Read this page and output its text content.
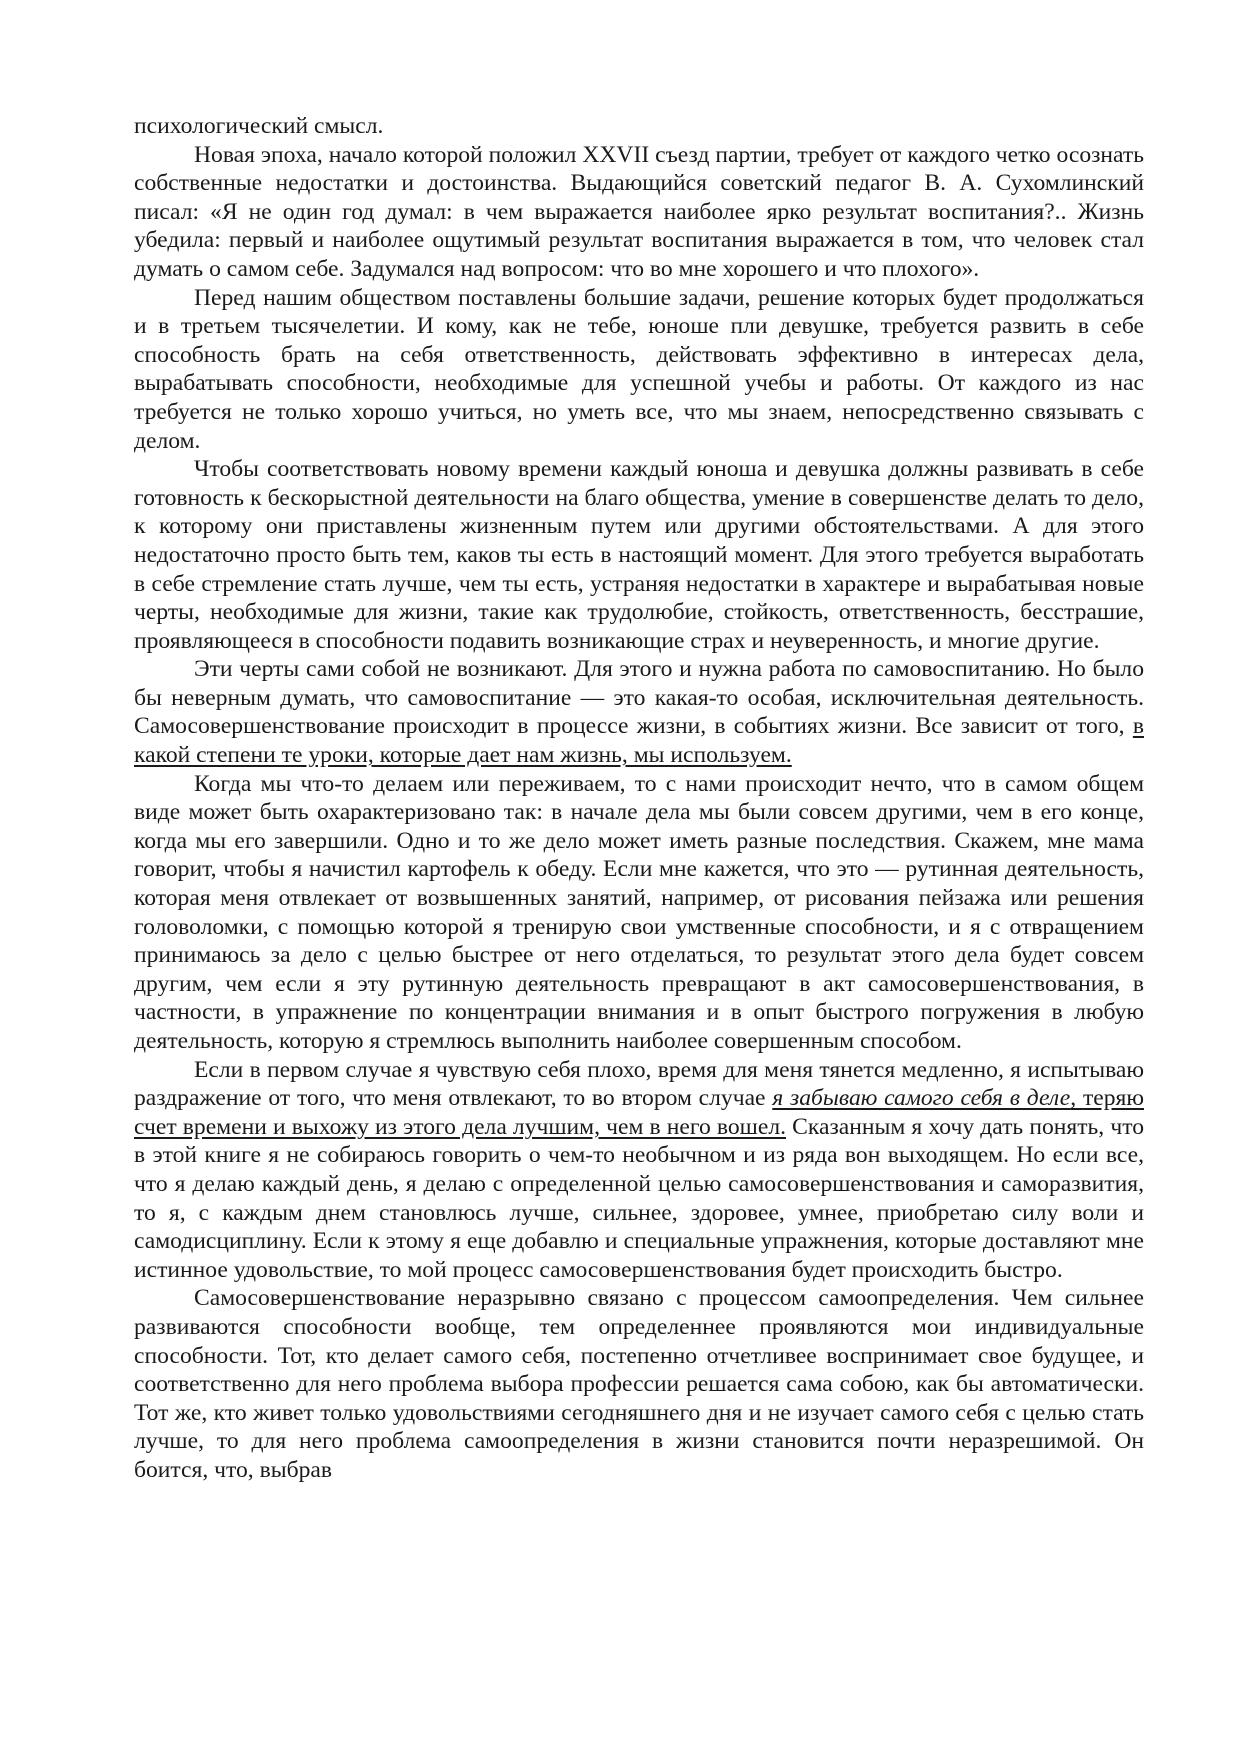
психологический смысл.

Новая эпоха, начало которой положил XXVII съезд партии, требует от каждого четко осознать собственные недостатки и достоинства. Выдающийся советский педагог В. А. Сухомлинский писал: «Я не один год думал: в чем выражается наиболее ярко результат воспитания?.. Жизнь убедила: первый и наиболее ощутимый результат воспитания выражается в том, что человек стал думать о самом себе. Задумался над вопросом: что во мне хорошего и что плохого».

Перед нашим обществом поставлены большие задачи, решение которых будет продолжаться и в третьем тысячелетии. И кому, как не тебе, юноше пли девушке, требуется развить в себе способность брать на себя ответственность, действовать эффективно в интересах дела, вырабатывать способности, необходимые для успешной учебы и работы. От каждого из нас требуется не только хорошо учиться, но уметь все, что мы знаем, непосредственно связывать с делом.

Чтобы соответствовать новому времени каждый юноша и девушка должны развивать в себе готовность к бескорыстной деятельности на благо общества, умение в совершенстве делать то дело, к которому они приставлены жизненным путем или другими обстоятельствами. А для этого недостаточно просто быть тем, каков ты есть в настоящий момент. Для этого требуется выработать в себе стремление стать лучше, чем ты есть, устраняя недостатки в характере и вырабатывая новые черты, необходимые для жизни, такие как трудолюбие, стойкость, ответственность, бесстрашие, проявляющееся в способности подавить возникающие страх и неуверенность, и многие другие.

Эти черты сами собой не возникают. Для этого и нужна работа по самовоспитанию. Но было бы неверным думать, что самовоспитание — это какая-то особая, исключительная деятельность. Самосовершенствование происходит в процессе жизни, в событиях жизни. Все зависит от того, в какой степени те уроки, которые дает нам жизнь, мы используем.

Когда мы что-то делаем или переживаем, то с нами происходит нечто, что в самом общем виде может быть охарактеризовано так: в начале дела мы были совсем другими, чем в его конце, когда мы его завершили. Одно и то же дело может иметь разные последствия. Скажем, мне мама говорит, чтобы я начистил картофель к обеду. Если мне кажется, что это — рутинная деятельность, которая меня отвлекает от возвышенных занятий, например, от рисования пейзажа или решения головоломки, с помощью которой я тренирую свои умственные способности, и я с отвращением принимаюсь за дело с целью быстрее от него отделаться, то результат этого дела будет совсем другим, чем если я эту рутинную деятельность превращают в акт самосовершенствования, в частности, в упражнение по концентрации внимания и в опыт быстрого погружения в любую деятельность, которую я стремлюсь выполнить наиболее совершенным способом.

Если в первом случае я чувствую себя плохо, время для меня тянется медленно, я испытываю раздражение от того, что меня отвлекают, то во втором случае я забываю самого себя в деле, теряю счет времени и выхожу из этого дела лучшим, чем в него вошел. Сказанным я хочу дать понять, что в этой книге я не собираюсь говорить о чем-то необычном и из ряда вон выходящем. Но если все, что я делаю каждый день, я делаю с определенной целью самосовершенствования и саморазвития, то я, с каждым днем становлюсь лучше, сильнее, здоровее, умнее, приобретаю силу воли и самодисциплину. Если к этому я еще добавлю и специальные упражнения, которые доставляют мне истинное удовольствие, то мой процесс самосовершенствования будет происходить быстро.

Самосовершенствование неразрывно связано с процессом самоопределения. Чем сильнее развиваются способности вообще, тем определеннее проявляются мои индивидуальные способности. Тот, кто делает самого себя, постепенно отчетливее воспринимает свое будущее, и соответственно для него проблема выбора профессии решается сама собою, как бы автоматически. Тот же, кто живет только удовольствиями сегодняшнего дня и не изучает самого себя с целью стать лучше, то для него проблема самоопределения в жизни становится почти неразрешимой. Он боится, что, выбрав
